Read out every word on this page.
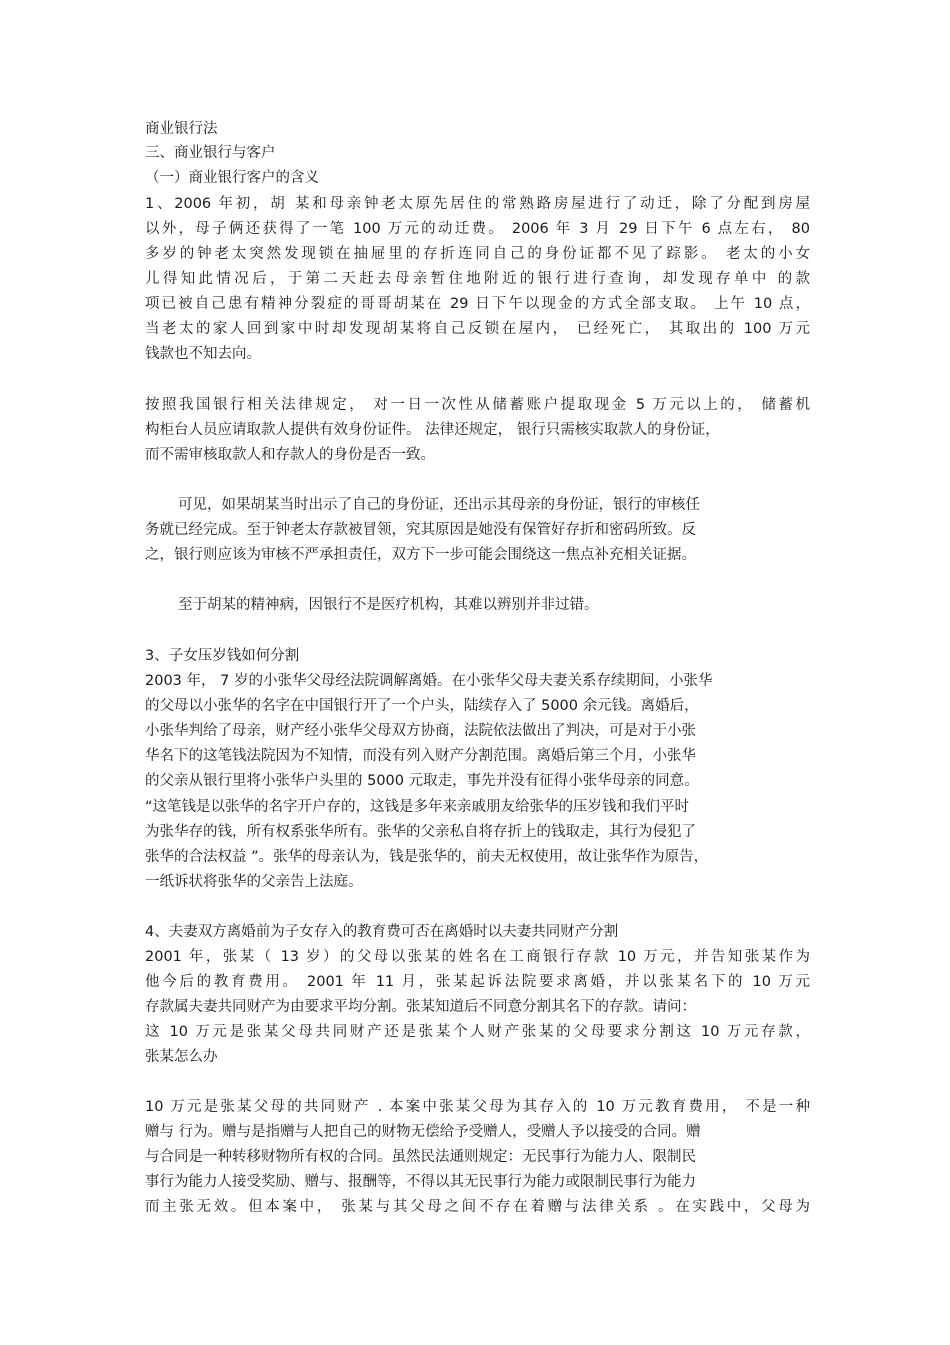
商业银行法
三、商业银行与客户
（一）商业银行客户的含义
1、2006 年初，胡 某和母亲钟老太原先居住的常熟路房屋进行了动迁，除了分配到房屋
以外，母子俩还获得了一笔 100 万元的动迁费。 2006 年 3 月 29 日下午 6 点左右， 80
多岁的钟老太突然发现锁在抽屉里的存折连同自己的身份证都不见了踪影。 老太的小女
儿得知此情况后，于第二天赶去母亲暂住地附近的银行进行查询，却发现存单中 的款
项已被自己患有精神分裂症的哥哥胡某在 29 日下午以现金的方式全部支取。 上午 10 点，
当老太的家人回到家中时却发现胡某将自己反锁在屋内， 已经死亡， 其取出的 100 万元
钱款也不知去向。
按照我国银行相关法律规定， 对一日一次性从储蓄账户提取现金 5 万元以上的， 储蓄机
构柜台人员应请取款人提供有效身份证件。 法律还规定， 银行只需核实取款人的身份证，
而不需审核取款人和存款人的身份是否一致。
可见，如果胡某当时出示了自己的身份证，还出示其母亲的身份证，银行的审核任
务就已经完成。至于钟老太存款被冒领，究其原因是她没有保管好存折和密码所致。反
之，银行则应该为审核不严承担责任，双方下一步可能会围绕这一焦点补充相关证据。
至于胡某的精神病，因银行不是医疗机构，其难以辨别并非过错。
3、子女压岁钱如何分割
2003 年， 7 岁的小张华父母经法院调解离婚。在小张华父母夫妻关系存续期间，小张华
的父母以小张华的名字在中国银行开了一个户头，陆续存入了 5000 余元钱。离婚后，
小张华判给了母亲，财产经小张华父母双方协商，法院依法做出了判决，可是对于小张
华名下的这笔钱法院因为不知情，而没有列入财产分割范围。离婚后第三个月，小张华
的父亲从银行里将小张华户头里的 5000 元取走，事先并没有征得小张华母亲的同意。
“这笔钱是以张华的名字开户存的，这钱是多年来亲戚朋友给张华的压岁钱和我们平时
为张华存的钱，所有权系张华所有。张华的父亲私自将存折上的钱取走，其行为侵犯了
张华的合法权益 ”。张华的母亲认为，钱是张华的，前夫无权使用，故让张华作为原告，
一纸诉状将张华的父亲告上法庭。
4、夫妻双方离婚前为子女存入的教育费可否在离婚时以夫妻共同财产分割
2001 年，张某（ 13 岁）的父母以张某的姓名在工商银行存款 10 万元，并告知张某作为
他今后的教育费用。 2001 年 11 月，张某起诉法院要求离婚，并以张某名下的 10 万元
存款属夫妻共同财产为由要求平均分割。张某知道后不同意分割其名下的存款。请问：
这 10 万元是张某父母共同财产还是张某个人财产张某的父母要求分割这 10 万元存款，
张某怎么办
10 万元是张某父母的共同财产 . 本案中张某父母为其存入的 10 万元教育费用， 不是一种
赠与 行为。赠与是指赠与人把自己的财物无偿给予受赠人，受赠人予以接受的合同。赠
与合同是一种转移财物所有权的合同。虽然民法通则规定：无民事行为能力人、限制民
事行为能力人接受奖励、赠与、报酬等，不得以其无民事行为能力或限制民事行为能力
而主张无效。但本案中， 张某与其父母之间不存在着赠与法律关系 。在实践中，父母为
